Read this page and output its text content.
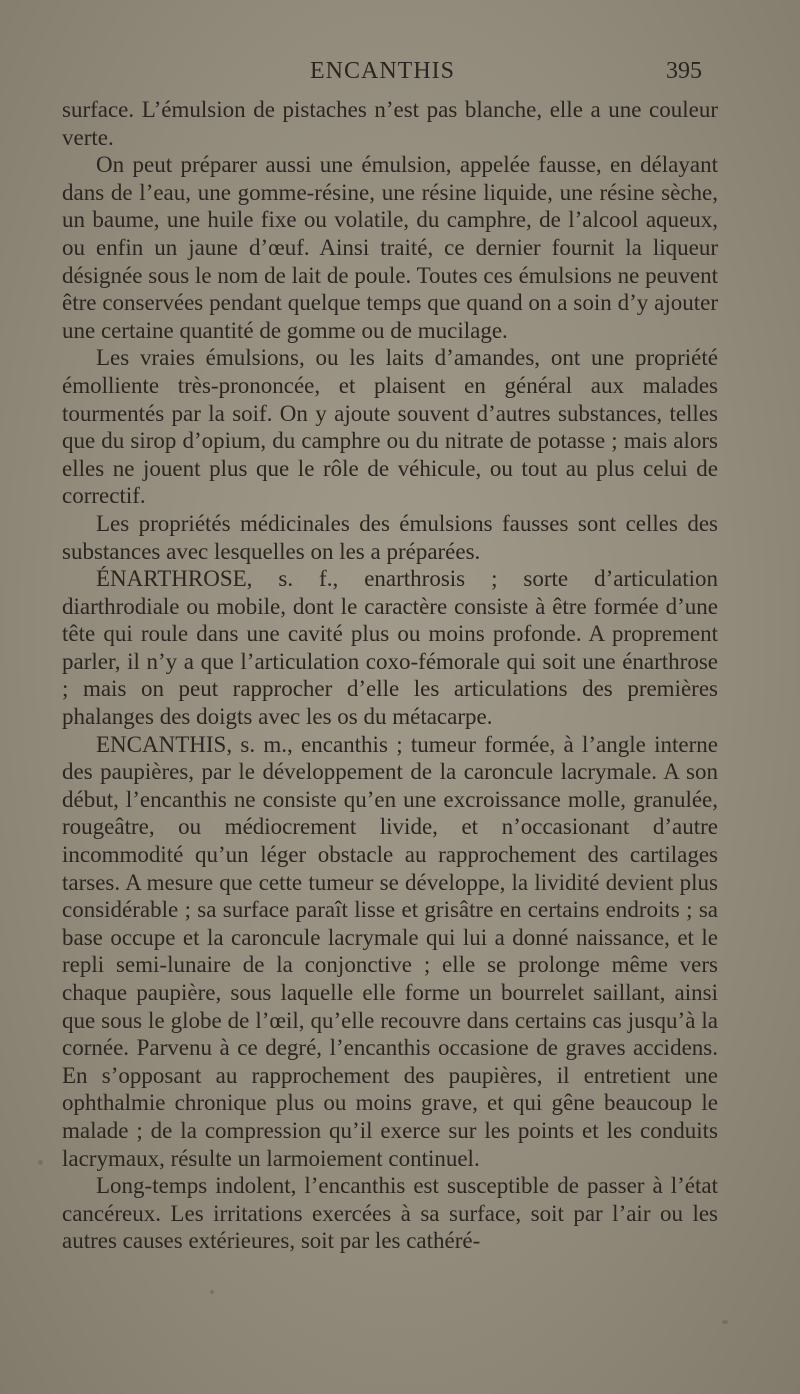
ENCANTHIS	395

surface. L’émulsion de pistaches n’est pas blanche, elle a une couleur verte.

On peut préparer aussi une émulsion, appelée fausse, en délayant dans de l’eau, une gomme-résine, une résine liquide, une résine sèche, un baume, une huile fixe ou volatile, du camphre, de l’alcool aqueux, ou enfin un jaune d’œuf. Ainsi traité, ce dernier fournit la liqueur désignée sous le nom de lait de poule. Toutes ces émulsions ne peuvent être conservées pendant quelque temps que quand on a soin d’y ajouter une certaine quantité de gomme ou de mucilage.

Les vraies émulsions, ou les laits d’amandes, ont une propriété émolliente très-prononcée, et plaisent en général aux malades tourmentés par la soif. On y ajoute souvent d’autres substances, telles que du sirop d’opium, du camphre ou du nitrate de potasse ; mais alors elles ne jouent plus que le rôle de véhicule, ou tout au plus celui de correctif.

Les propriétés médicinales des émulsions fausses sont celles des substances avec lesquelles on les a préparées.

ÉNARTHROSE, s. f., enarthrosis ; sorte d’articulation diarthrodiale ou mobile, dont le caractère consiste à être formée d’une tête qui roule dans une cavité plus ou moins profonde. A proprement parler, il n’y a que l’articulation coxo-fémorale qui soit une énarthrose ; mais on peut rapprocher d’elle les articulations des premières phalanges des doigts avec les os du métacarpe.

ENCANTHIS, s. m., encanthis ; tumeur formée, à l’angle interne des paupières, par le développement de la caroncule lacrymale. A son début, l’encanthis ne consiste qu’en une excroissance molle, granulée, rougeâtre, ou médiocrement livide, et n’occasionant d’autre incommodité qu’un léger obstacle au rapprochement des cartilages tarses. A mesure que cette tumeur se développe, la lividité devient plus considérable ; sa surface paraît lisse et grisâtre en certains endroits ; sa base occupe et la caroncule lacrymale qui lui a donné naissance, et le repli semi-lunaire de la conjonctive ; elle se prolonge même vers chaque paupière, sous laquelle elle forme un bourrelet saillant, ainsi que sous le globe de l’œil, qu’elle recouvre dans certains cas jusqu’à la cornée. Parvenu à ce degré, l’encanthis occasione de graves accidens. En s’opposant au rapprochement des paupières, il entretient une ophthalmie chronique plus ou moins grave, et qui gêne beaucoup le malade ; de la compression qu’il exerce sur les points et les conduits lacrymaux, résulte un larmoiement continuel.

Long-temps indolent, l’encanthis est susceptible de passer à l’état cancéreux. Les irritations exercées à sa surface, soit par l’air ou les autres causes extérieures, soit par les cathéré-
